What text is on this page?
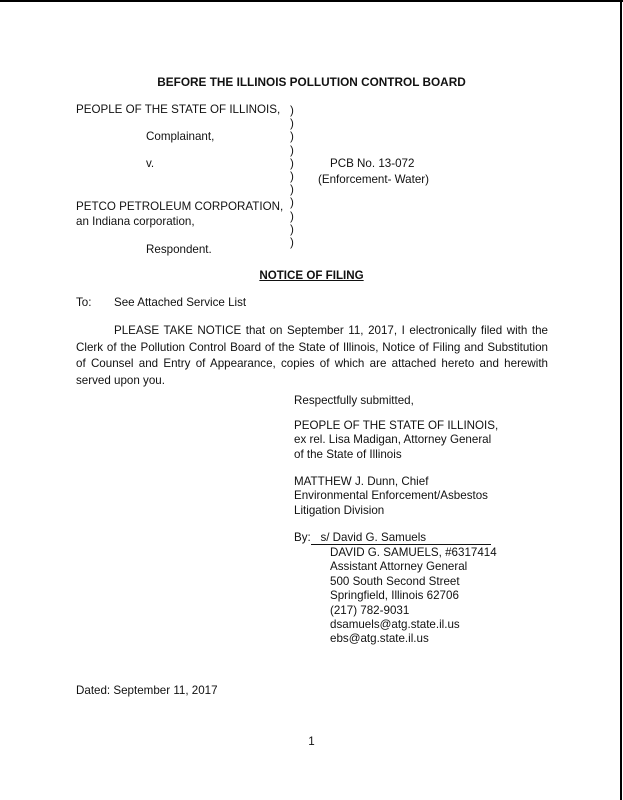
BEFORE THE ILLINOIS POLLUTION CONTROL BOARD
PEOPLE OF THE STATE OF ILLINOIS,
Complainant,
v.
PETCO PETROLEUM CORPORATION,
an Indiana corporation,
Respondent.
)
)
)
)
)
)
)
)
)
)
)
PCB No. 13-072
(Enforcement- Water)
NOTICE OF FILING
To: See Attached Service List
PLEASE TAKE NOTICE that on September 11, 2017, I electronically filed with the Clerk of the Pollution Control Board of the State of Illinois, Notice of Filing and Substitution of Counsel and Entry of Appearance, copies of which are attached hereto and herewith served upon you.
Respectfully submitted,
PEOPLE OF THE STATE OF ILLINOIS,
ex rel. Lisa Madigan, Attorney General
of the State of Illinois
MATTHEW J. Dunn, Chief
Environmental Enforcement/Asbestos
Litigation Division
By: s/ David G. Samuels
DAVID G. SAMUELS, #6317414
Assistant Attorney General
500 South Second Street
Springfield, Illinois 62706
(217) 782-9031
dsamuels@atg.state.il.us
ebs@atg.state.il.us
Dated: September 11, 2017
1
